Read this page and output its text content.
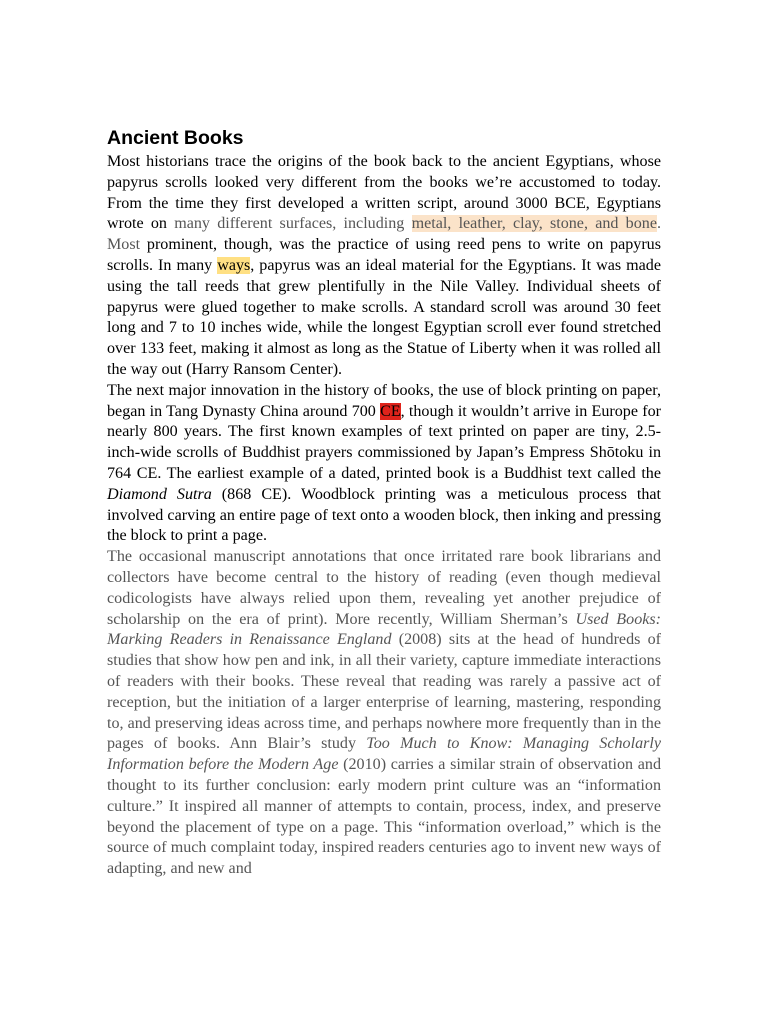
Ancient Books

Most historians trace the origins of the book back to the ancient Egyptians, whose papyrus scrolls looked very different from the books we’re accustomed to today. From the time they first developed a written script, around 3000 BCE, Egyptians wrote on many different surfaces, including metal, leather, clay, stone, and bone. Most prominent, though, was the practice of using reed pens to write on papyrus scrolls. In many ways, papyrus was an ideal material for the Egyptians. It was made using the tall reeds that grew plentifully in the Nile Valley. Individual sheets of papyrus were glued together to make scrolls. A standard scroll was around 30 feet long and 7 to 10 inches wide, while the longest Egyptian scroll ever found stretched over 133 feet, making it almost as long as the Statue of Liberty when it was rolled all the way out (Harry Ransom Center).

The next major innovation in the history of books, the use of block printing on paper, began in Tang Dynasty China around 700 CE, though it wouldn’t arrive in Europe for nearly 800 years. The first known examples of text printed on paper are tiny, 2.5-inch-wide scrolls of Buddhist prayers commissioned by Japan’s Empress Shōtoku in 764 CE. The earliest example of a dated, printed book is a Buddhist text called the Diamond Sutra (868 CE). Woodblock printing was a meticulous process that involved carving an entire page of text onto a wooden block, then inking and pressing the block to print a page.

The occasional manuscript annotations that once irritated rare book librarians and collectors have become central to the history of reading (even though medieval codicologists have always relied upon them, revealing yet another prejudice of scholarship on the era of print). More recently, William Sherman’s Used Books: Marking Readers in Renaissance England (2008) sits at the head of hundreds of studies that show how pen and ink, in all their variety, capture immediate interactions of readers with their books. These reveal that reading was rarely a passive act of reception, but the initiation of a larger enterprise of learning, mastering, responding to, and preserving ideas across time, and perhaps nowhere more frequently than in the pages of books. Ann Blair’s study Too Much to Know: Managing Scholarly Information before the Modern Age (2010) carries a similar strain of observation and thought to its further conclusion: early modern print culture was an “information culture.” It inspired all manner of attempts to contain, process, index, and preserve beyond the placement of type on a page. This “information overload,” which is the source of much complaint today, inspired readers centuries ago to invent new ways of adapting, and new and
